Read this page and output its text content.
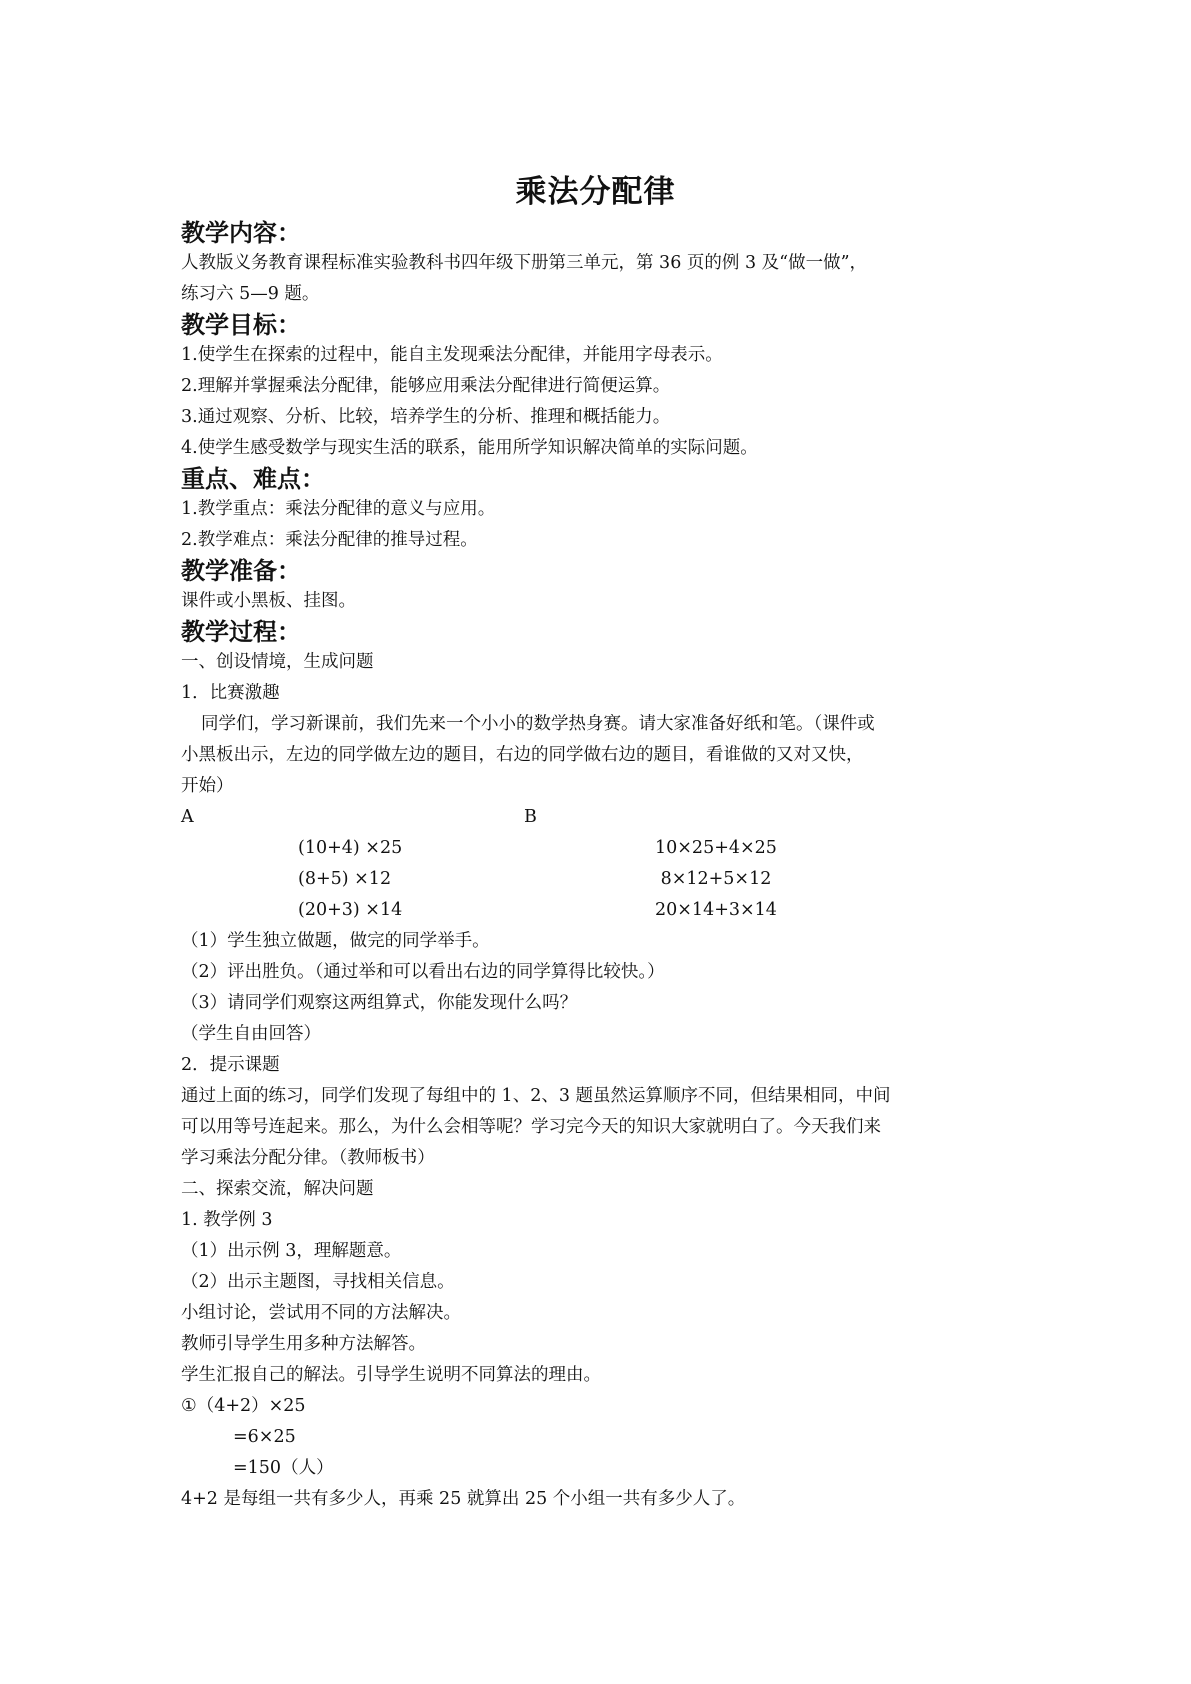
乘法分配律
教学内容：
人教版义务教育课程标准实验教科书四年级下册第三单元，第 36 页的例 3 及“做一做”，
练习六 5—9 题。
教学目标：
1.使学生在探索的过程中，能自主发现乘法分配律，并能用字母表示。
2.理解并掌握乘法分配律，能够应用乘法分配律进行简便运算。
3.通过观察、分析、比较，培养学生的分析、推理和概括能力。
4.使学生感受数学与现实生活的联系，能用所学知识解决简单的实际问题。
重点、难点：
1.教学重点：乘法分配律的意义与应用。
2.教学难点：乘法分配律的推导过程。
教学准备：
课件或小黑板、挂图。
教学过程：
一、创设情境，生成问题
1．比赛激趣
同学们，学习新课前，我们先来一个小小的数学热身赛。请大家准备好纸和笔。（课件或
小黑板出示，左边的同学做左边的题目，右边的同学做右边的题目，看谁做的又对又快，
开始）
A	B
(10+4) ×25	10×25+4×25
(8+5) ×12	8×12+5×12
(20+3) ×14	20×14+3×14
（1）学生独立做题，做完的同学举手。
（2）评出胜负。（通过举和可以看出右边的同学算得比较快。）
（3）请同学们观察这两组算式，你能发现什么吗？
（学生自由回答）
2．提示课题
通过上面的练习，同学们发现了每组中的 1、2、3 题虽然运算顺序不同，但结果相同，中间
可以用等号连起来。那么，为什么会相等呢？学习完今天的知识大家就明白了。今天我们来
学习乘法分配分律。（教师板书）
二、探索交流，解决问题
1. 教学例 3
（1）出示例 3，理解题意。
（2）出示主题图，寻找相关信息。
小组讨论，尝试用不同的方法解决。
教师引导学生用多种方法解答。
学生汇报自己的解法。引导学生说明不同算法的理由。
①（4+2）×25
=6×25
=150（人）
4+2 是每组一共有多少人，再乘 25 就算出 25 个小组一共有多少人了。
